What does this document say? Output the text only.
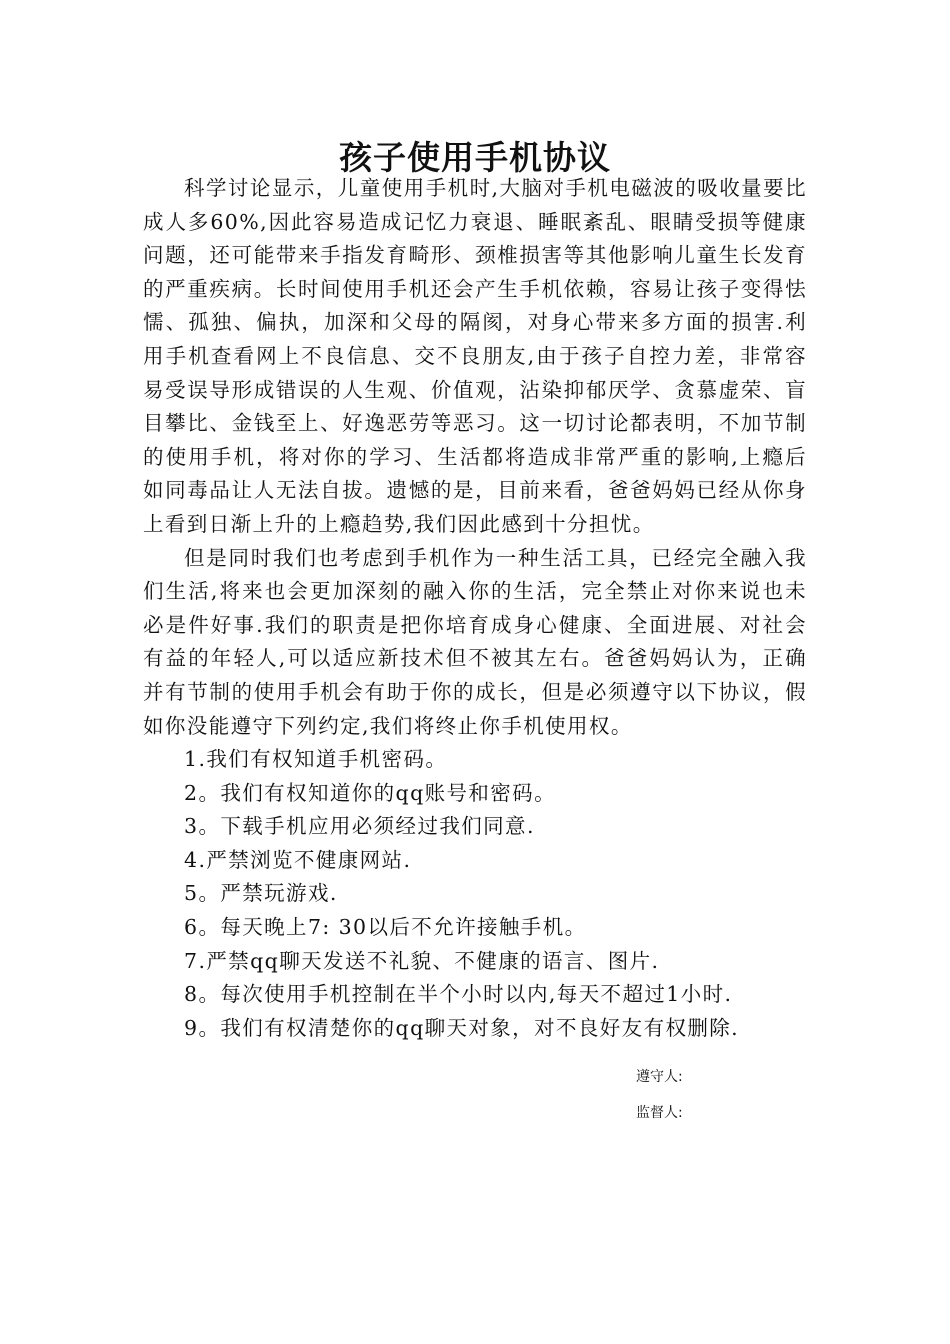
孩子使用手机协议

科学讨论显示，儿童使用手机时,大脑对手机电磁波的吸收量要比成人多60%,因此容易造成记忆力衰退、睡眠紊乱、眼睛受损等健康问题，还可能带来手指发育畸形、颈椎损害等其他影响儿童生长发育的严重疾病。长时间使用手机还会产生手机依赖，容易让孩子变得怯懦、孤独、偏执，加深和父母的隔阂，对身心带来多方面的损害.利用手机查看网上不良信息、交不良朋友,由于孩子自控力差，非常容易受误导形成错误的人生观、价值观，沾染抑郁厌学、贪慕虚荣、盲目攀比、金钱至上、好逸恶劳等恶习。这一切讨论都表明，不加节制的使用手机，将对你的学习、生活都将造成非常严重的影响,上瘾后如同毒品让人无法自拔。遗憾的是，目前来看，爸爸妈妈已经从你身上看到日渐上升的上瘾趋势,我们因此感到十分担忧。

但是同时我们也考虑到手机作为一种生活工具，已经完全融入我们生活,将来也会更加深刻的融入你的生活，完全禁止对你来说也未必是件好事.我们的职责是把你培育成身心健康、全面进展、对社会有益的年轻人,可以适应新技术但不被其左右。爸爸妈妈认为，正确并有节制的使用手机会有助于你的成长，但是必须遵守以下协议，假如你没能遵守下列约定,我们将终止你手机使用权。

1.我们有权知道手机密码。
2。我们有权知道你的qq账号和密码。
3。下载手机应用必须经过我们同意.
4.严禁浏览不健康网站.
5。严禁玩游戏.
6。每天晚上7: 30以后不允许接触手机。
7.严禁qq聊天发送不礼貌、不健康的语言、图片.
8。每次使用手机控制在半个小时以内,每天不超过1小时.
9。我们有权清楚你的qq聊天对象，对不良好友有权删除.
遵守人:
监督人:
